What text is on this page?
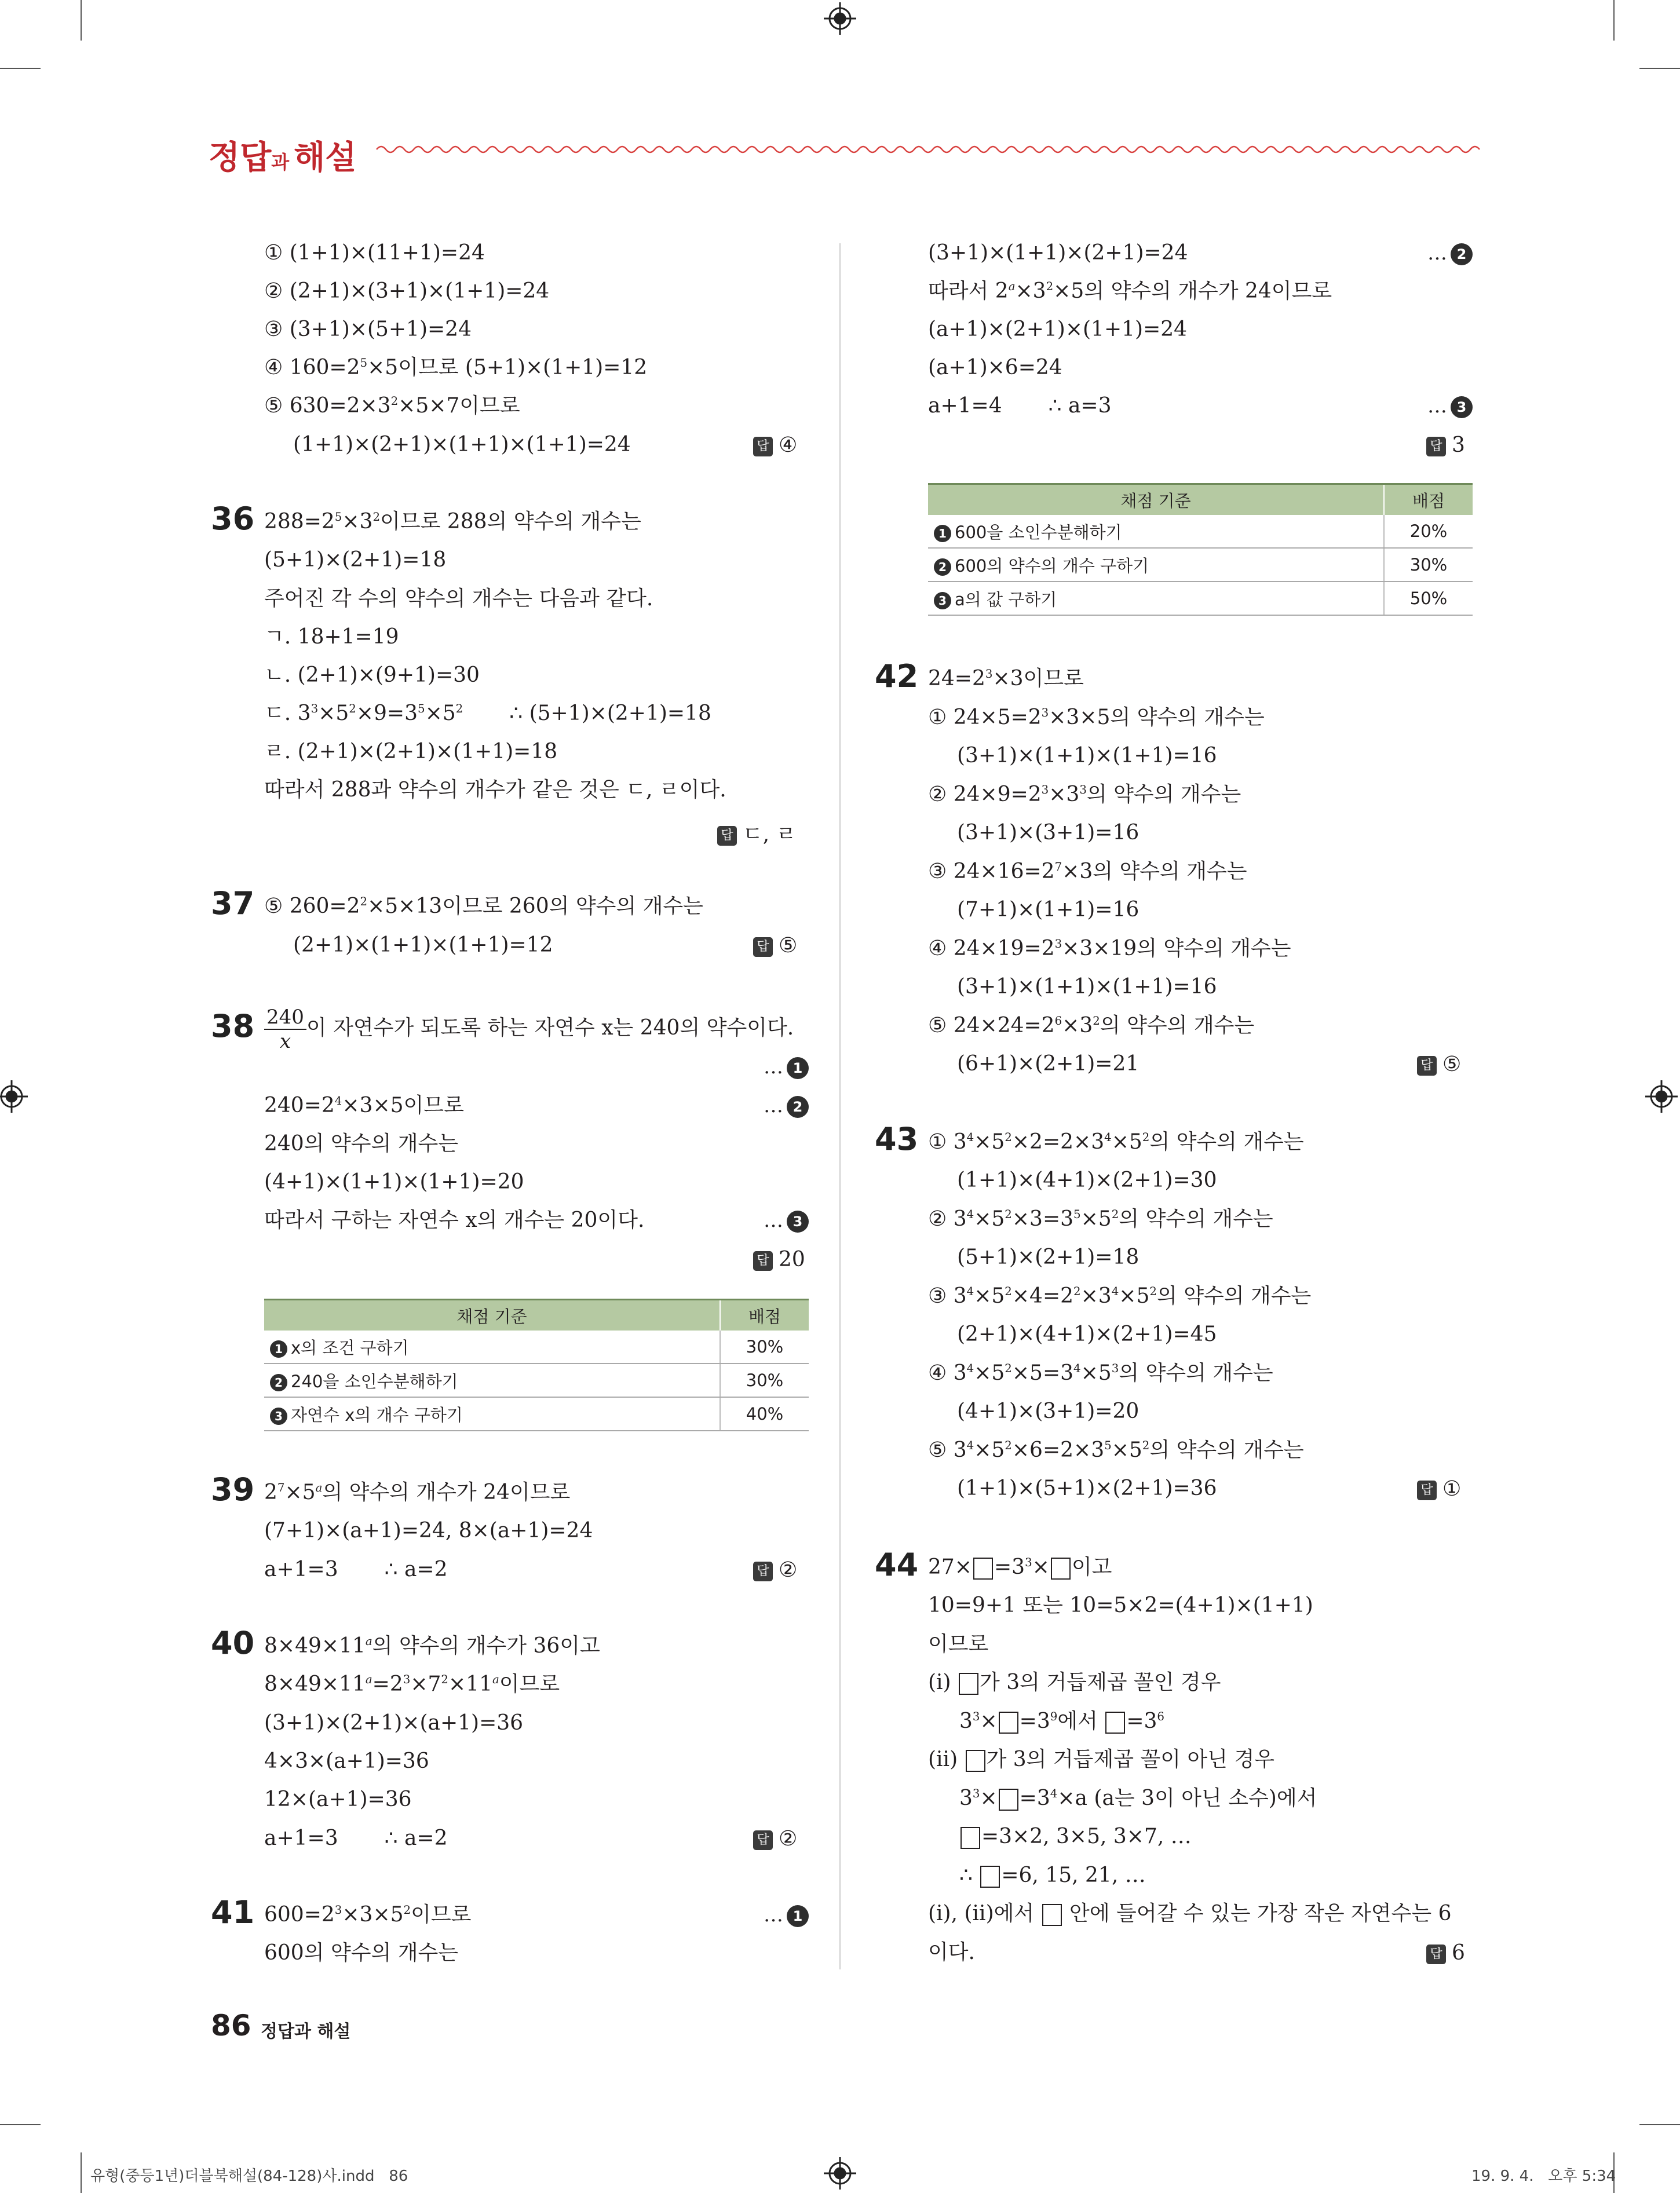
정답과 해설
① (1+1)×(11+1)=24
② (2+1)×(3+1)×(1+1)=24
③ (3+1)×(5+1)=24
④ $160=2^5\times 5$이므로 (5+1)×(1+1)=12
⑤ $630=2\times 3^2\times 5\times 7$이므로
(1+1)×(2+1)×(1+1)×(1+1)=24	답 ④
36 $288=2^5\times 3^2$이므로 288의 약수의 개수는
(5+1)×(2+1)=18
주어진 각 수의 약수의 개수는 다음과 같다.
ㄱ. 18+1=19
ㄴ. (2+1)×(9+1)=30
ㄷ. $3^3\times 5^2\times 9=3^5\times 5^2$ ∴ (5+1)×(2+1)=18
ㄹ. (2+1)×(2+1)×(1+1)=18
따라서 288과 약수의 개수가 같은 것은 ㄷ, ㄹ이다.
답 ㄷ, ㄹ
37 ⑤ $260=2^2\times 5\times 13$이므로 260의 약수의 개수는
(2+1)×(1+1)×(1+1)=12	답 ⑤
$38 \frac{240}{x}$ 이 자연수가 되도록 하는 자연수 x는 240의 약수이다.
… 1
$240=2^4\times 3\times 5$이므로	… 2
240의 약수의 개수는
(4+1)×(1+1)×(1+1)=20
따라서 구하는 자연수 x의 개수는 20이다.	… 3
답 20
채점 기준	배점
1 x의 조건 구하기	30%
2 240을 소인수분해하기	30%
3 자연수 x의 개수 구하기	40%
39 $2^7\times 5^a$의 약수의 개수가 24이므로
(7+1)×(a+1)=24, 8×(a+1)=24
a+1=3 ∴ a=2	답 ②
40 $8\times 49\times 11^a$의 약수의 개수가 36이고
$8\times 49\times 11^a=2^3\times 7^2\times 11^a$이므로
(3+1)×(2+1)×(a+1)=36
4×3×(a+1)=36
12×(a+1)=36
a+1=3 ∴ a=2	답 ②
41 $600=2^3\times 3\times 5^2$이므로	… 1
600의 약수의 개수는
(3+1)×(1+1)×(2+1)=24	… 2
따라서 $2^a\times 3^2\times 5$의 약수의 개수가 24이므로
(a+1)×(2+1)×(1+1)=24
(a+1)×6=24
a+1=4 ∴ a=3	… 3
답 3
채점 기준	배점
1 600을 소인수분해하기	20%
2 600의 약수의 개수 구하기	30%
3 a의 값 구하기	50%
42 $24=2^3\times 3$이므로
① $24\times 5=2^3\times 3\times 5$의 약수의 개수는
(3+1)×(1+1)×(1+1)=16
② $24\times 9=2^3\times 3^3$의 약수의 개수는
(3+1)×(3+1)=16
③ $24\times 16=2^7\times 3$의 약수의 개수는
(7+1)×(1+1)=16
④ $24\times 19=2^3\times 3\times 19$의 약수의 개수는
(3+1)×(1+1)×(1+1)=16
⑤ $24\times 24=2^6\times 3^2$의 약수의 개수는
(6+1)×(2+1)=21	답 ⑤
43 ① $3^4\times 5^2\times 2=2\times 3^4\times 5^2$의 약수의 개수는
(1+1)×(4+1)×(2+1)=30
② $3^4\times 5^2\times 3=3^5\times 5^2$의 약수의 개수는
(5+1)×(2+1)=18
③ $3^4\times 5^2\times 4=2^2\times 3^4\times 5^2$의 약수의 개수는
(2+1)×(4+1)×(2+1)=45
④ $3^4\times 5^2\times 5=3^4\times 5^3$의 약수의 개수는
(4+1)×(3+1)=20
⑤ $3^4\times 5^2\times 6=2\times 3^5\times 5^2$의 약수의 개수는
(1+1)×(5+1)×(2+1)=36	답 ①
44 $27\times =3^3\times$ 이고
10=9+1 또는 10=5×2=(4+1)×(1+1)
이므로
(ⅰ) 가 3의 거듭제곱 꼴인 경우
$3^3\times =3^9$에서 $=3^6$
(ⅱ) 가 3의 거듭제곱 꼴이 아닌 경우
$3^3\times =3^4\times a$ (a는 3이 아닌 소수)에서
=3×2, 3×5, 3×7, …
∴ =6, 15, 21, …
(ⅰ), (ⅱ)에서  안에 들어갈 수 있는 가장 작은 자연수는 6
이다.	답 6
86 정답과 해설
유형(중등1년)더블북해설(84-128)사.indd   86	19. 9. 4.   오후 5:34
